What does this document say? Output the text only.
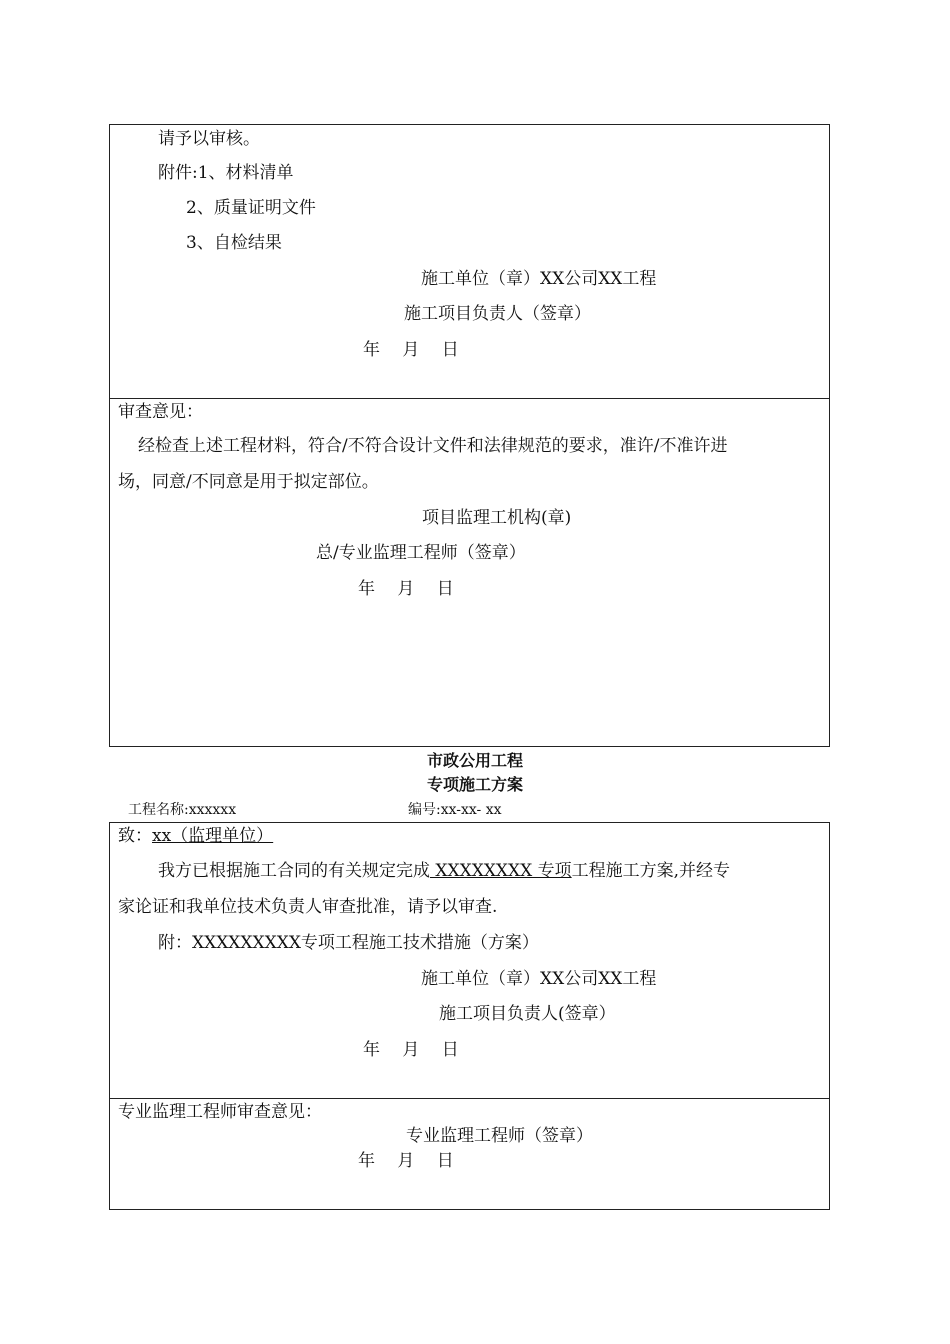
请予以审核。
附件:1、材料清单
2、质量证明文件
3、自检结果
施工单位（章）XX公司XX工程
施工项目负责人（签章）
年　 月　 日
审查意见：
经检查上述工程材料，符合/不符合设计文件和法律规范的要求，准许/不准许进
场，同意/不同意是用于拟定部位。
项目监理工机构(章)
总/专业监理工程师（签章）
年　 月　 日
市政公用工程
专项施工方案
工程名称:xxxxxx	编号:xx-xx- xx
致：xx（监理单位）
我方已根据施工合同的有关规定完成 XXXXXXXX 专项工程施工方案,并经专
家论证和我单位技术负责人审查批准，请予以审查.
附：XXXXXXXXX专项工程施工技术措施（方案）
施工单位（章）XX公司XX工程
施工项目负责人(签章）
年　 月　 日
专业监理工程师审查意见：
专业监理工程师（签章）
年　 月　 日
